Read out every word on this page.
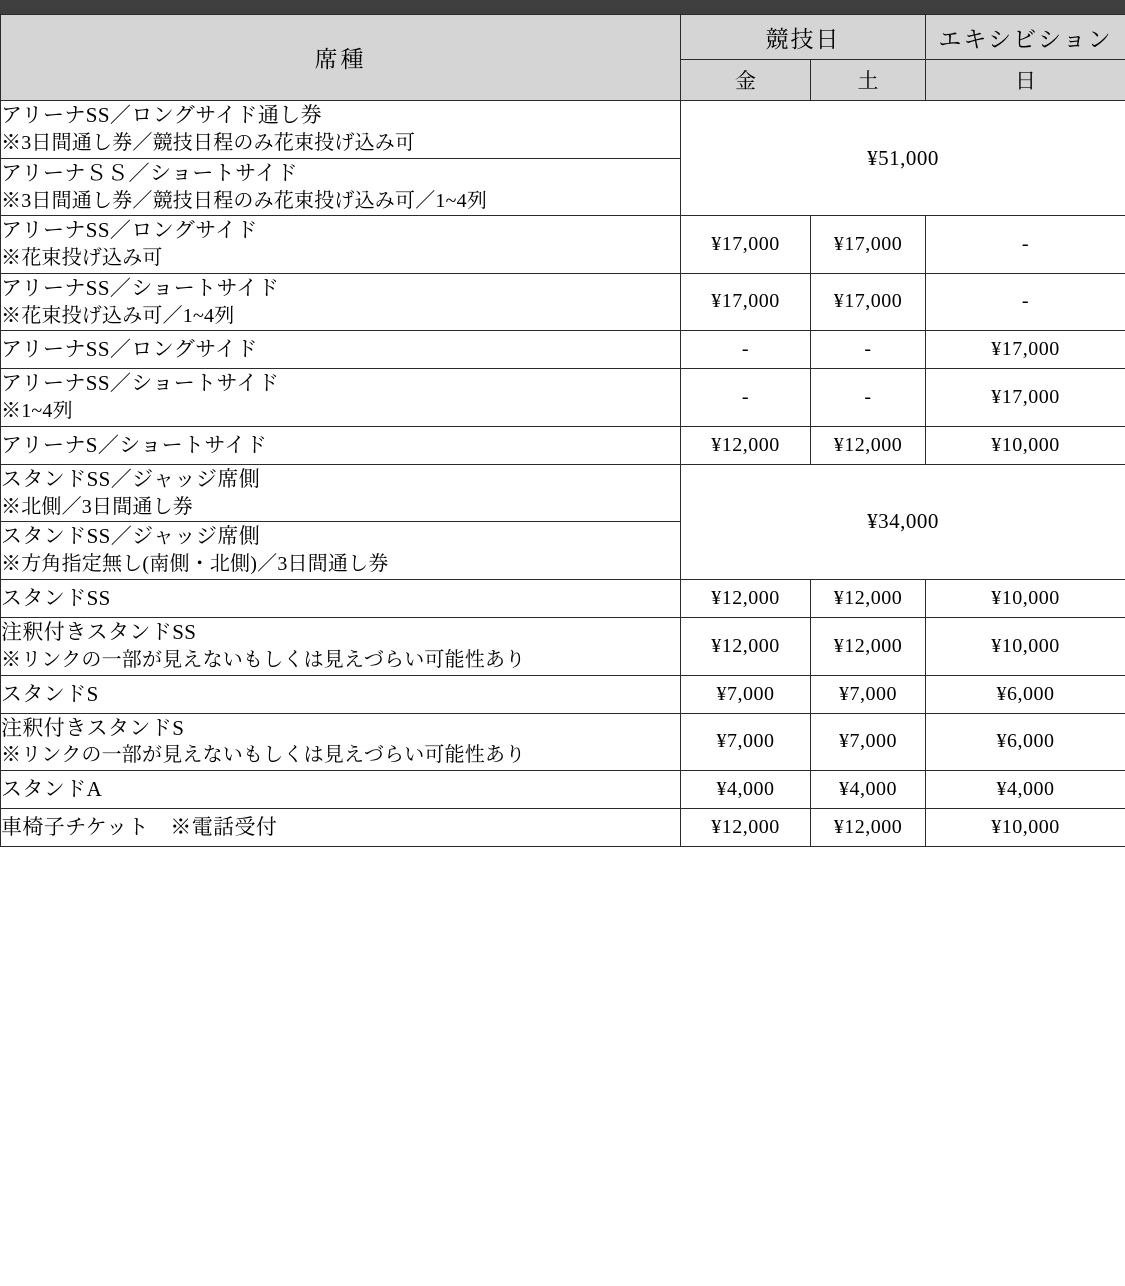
席種	競技日		エキシビション
	金	土	日
アリーナSS／ロングサイド通し券
※3日間通し券／競技日程のみ花束投げ込み可	¥51,000		
アリーナＳＳ／ショートサイド
※3日間通し券／競技日程のみ花束投げ込み可／1~4列			

アリーナSS／ロングサイド
※花束投げ込み可	¥17,000	¥17,000	-
アリーナSS／ショートサイド
※花束投げ込み可／1~4列	¥17,000	¥17,000	-
アリーナSS／ロングサイド	-	-	¥17,000
アリーナSS／ショートサイド
※1~4列	-	-	¥17,000
アリーナS／ショートサイド	¥12,000	¥12,000	¥10,000
スタンドSS／ジャッジ席側
※北側／3日間通し券	¥34,000		
スタンドSS／ジャッジ席側
※方角指定無し(南側・北側)／3日間通し券			

スタンドSS	¥12,000	¥12,000	¥10,000
注釈付きスタンドSS
※リンクの一部が見えないもしくは見えづらい可能性あり	¥12,000	¥12,000	¥10,000
スタンドS	¥7,000	¥7,000	¥6,000
注釈付きスタンドS
※リンクの一部が見えないもしくは見えづらい可能性あり	¥7,000	¥7,000	¥6,000
スタンドA	¥4,000	¥4,000	¥4,000
車椅子チケット　※電話受付	¥12,000	¥12,000	¥10,000
